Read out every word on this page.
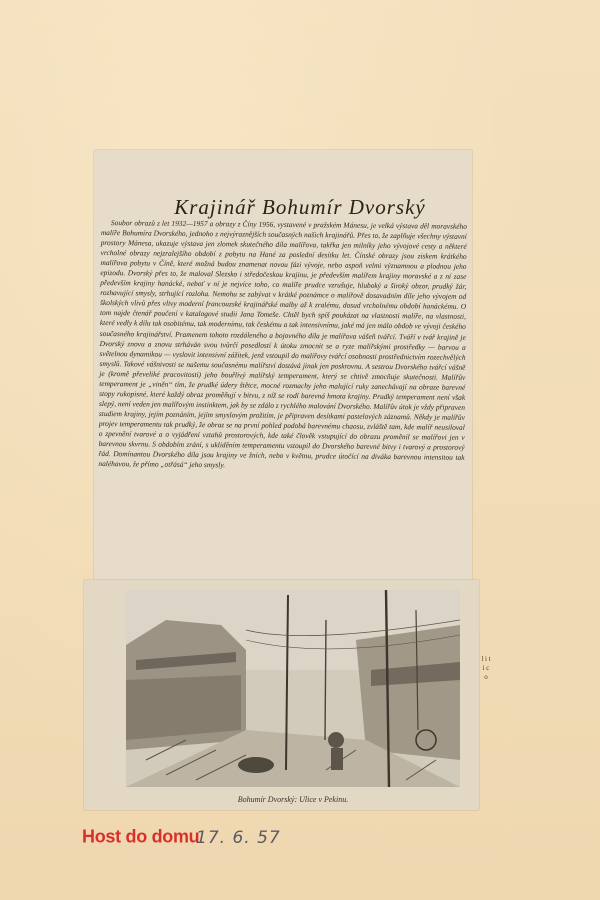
Krajinář Bohumír Dvorský

Soubor obrazů z let 1932—1957 a obrazy z Číny 1956, vystavené v pražském Mánesu, je velká výstava děl moravského malíře Bohumíra Dvorského, jednoho z nejvýraznějších současných našich krajinářů. Přes to, že zaplňuje všechny výstavní prostory Mánesa, ukazuje výstava jen zlomek skutečného díla malířova, takřka jen milníky jeho vývojové cesty a některé vrcholné obrazy nejzralejšího období z pobytu na Hané za poslední desítku let. Čínské obrazy jsou ziskem krátkého malířova pobytu v Číně, které možná budou znamenat novou fázi vývoje, nebo aspoň velmi významnou a plodnou jeho epizodu. Dvorský přes to, že maloval Slezsko i středočeskou krajinu, je především malířem krajiny moravské a z ní zase především krajiny hanácké, neboť v ní je nejvíce toho, co malíře prudce vzrušuje, hluboký a široký obzor, prudký žár, rozhavující smysly, strhující rozloha. Nemohu se zabývat v krátké poznámce o malířově dosavadním díle jeho vývojem od školských vlivů přes vlivy moderní francouzské krajinářské malby až k zralému, dosud vrcholnému období hanáckému. O tom najde čtenář poučení v katalogové studii Jana Tomeše. Chtěl bych spíš poukázat na vlastnosti malíře, na vlastnosti, které vedly k dílu tak osobitému, tak modernímu, tak českému a tak intensivnímu, jaké má jen málo obdob ve vývoji českého současného krajinářství. Pramenem tohoto rozdáleného a bojovného díla je malířova vášeň tvářcí. Tváří v tvář krajině je Dvorský znovu a znovu strháván svou tvůrčí posedlostí k útoku zmocnit se a ryze malířskými prostředky — barvou a světelnou dynamikou — vyslovit intensivní zážitek, jenž vstoupil do malířovy tvářcí osobnosti prostřednictvím rozechvělých smyslů. Takové vášnivosti se našemu současnému malířství dostává jinak jen poskrovnu. A sestrou Dvorského tvářcí vášně je (kromě převeliké pracovitosti) jeho bouřlivý malířský temperament, který se chtivě zmocňuje skutečnosti. Malířův temperament je „viněn“ tím, že prudké údery štětce, mocné rozmachy jeho malující ruky zanechávají na obraze barevné stopy rukopisné, které každý obraz proměňují v bitvu, z níž se rodí barevná hmota krajiny. Prudký temperament není však slepý, není veden jen malířovým instinktem, jak by se zdálo z rychlého malování Dvorského. Malířův útok je vždy připraven studiem krajiny, jejím poznáním, jejím smyslovým prožitím, je připraven desítkami pastelových záznamů. Někdy je malířův projev temperamentu tak prudký, že obraz se na první pohled podobá barevnému chaosu, zvláště tam, kde malíř neusiloval o zpevnění tvarové a o vyjádření vztahů prostorových, kde také člověk vstupující do obrazu proměnil se malířovi jen v barevnou skvrnu. S obdobím zrání, s ukliděním temperamentu vstoupil do Dvorského barevné bitvy i tvarový a prostorový řád. Domínantou Dvorského díla jsou krajiny ve žních, nebo v květnu, prudce útočící na diváka barevnou intensitou tak naléhavou, že přímo „otřásá“ jeho smysly.

Bohumír Dvorský: Ulice v Pekinu.
l i t i c o
Host do domu
17. 6. 57
